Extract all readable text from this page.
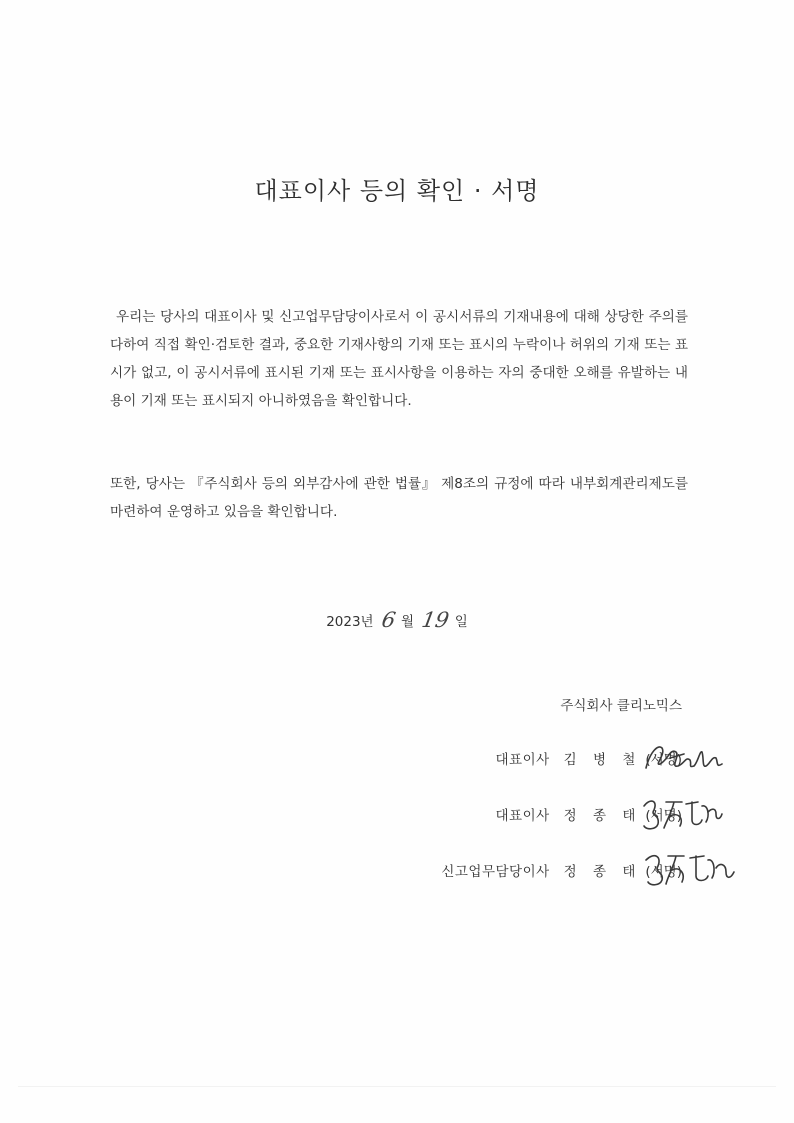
대표이사 등의 확인 · 서명
우리는 당사의 대표이사 및 신고업무담당이사로서 이 공시서류의 기재내용에 대해 상당한 주의를 다하여 직접 확인·검토한 결과, 중요한 기재사항의 기재 또는 표시의 누락이나 허위의 기재 또는 표시가 없고, 이 공시서류에 표시된 기재 또는 표시사항을 이용하는 자의 중대한 오해를 유발하는 내용이 기재 또는 표시되지 아니하였음을 확인합니다.
또한, 당사는 『주식회사 등의 외부감사에 관한 법률』 제8조의 규정에 따라 내부회계관리제도를 마련하여 운영하고 있음을 확인합니다.
2023년 6 월 19 일
주식회사 클리노믹스
대표이사 김 병 철 (서명)
대표이사 정 종 태 (서명)
신고업무담당이사 정 종 태 (서명)
